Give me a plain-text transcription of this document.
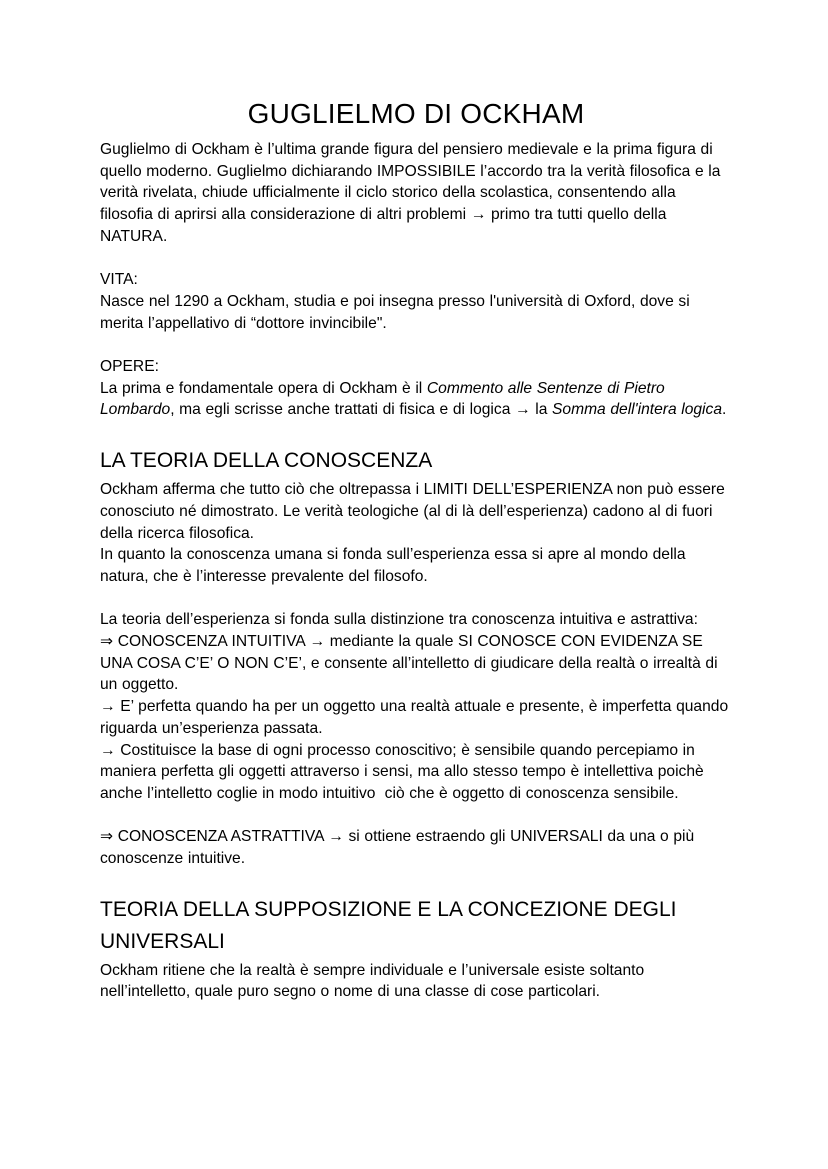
GUGLIELMO DI OCKHAM

Guglielmo di Ockham è l’ultima grande figura del pensiero medievale e la prima figura di quello moderno. Guglielmo dichiarando IMPOSSIBILE l’accordo tra la verità filosofica e la verità rivelata, chiude ufficialmente il ciclo storico della scolastica, consentendo alla filosofia di aprirsi alla considerazione di altri problemi → primo tra tutti quello della NATURA.

VITA:

Nasce nel 1290 a Ockham, studia e poi insegna presso l'università di Oxford, dove si merita l’appellativo di “dottore invincibile".

OPERE:

La prima e fondamentale opera di Ockham è il Commento alle Sentenze di Pietro Lombardo, ma egli scrisse anche trattati di fisica e di logica → la Somma dell'intera logica.

LA TEORIA DELLA CONOSCENZA

Ockham afferma che tutto ciò che oltrepassa i LIMITI DELL’ESPERIENZA non può essere conosciuto né dimostrato. Le verità teologiche (al di là dell’esperienza) cadono al di fuori della ricerca filosofica.

In quanto la conoscenza umana si fonda sull’esperienza essa si apre al mondo della natura, che è l’interesse prevalente del filosofo.

La teoria dell’esperienza si fonda sulla distinzione tra conoscenza intuitiva e astrattiva:

⇒ CONOSCENZA INTUITIVA → mediante la quale SI CONOSCE CON EVIDENZA SE UNA COSA C’E’ O NON C’E’, e consente all’intelletto di giudicare della realtà o irrealtà di un oggetto.

→ E’ perfetta quando ha per un oggetto una realtà attuale e presente, è imperfetta quando riguarda un’esperienza passata.

→ Costituisce la base di ogni processo conoscitivo; è sensibile quando percepiamo in maniera perfetta gli oggetti attraverso i sensi, ma allo stesso tempo è intellettiva poichè anche l’intelletto coglie in modo intuitivo  ciò che è oggetto di conoscenza sensibile.

⇒ CONOSCENZA ASTRATTIVA → si ottiene estraendo gli UNIVERSALI da una o più conoscenze intuitive.

TEORIA DELLA SUPPOSIZIONE E LA CONCEZIONE DEGLI UNIVERSALI

Ockham ritiene che la realtà è sempre individuale e l’universale esiste soltanto nell’intelletto, quale puro segno o nome di una classe di cose particolari.
